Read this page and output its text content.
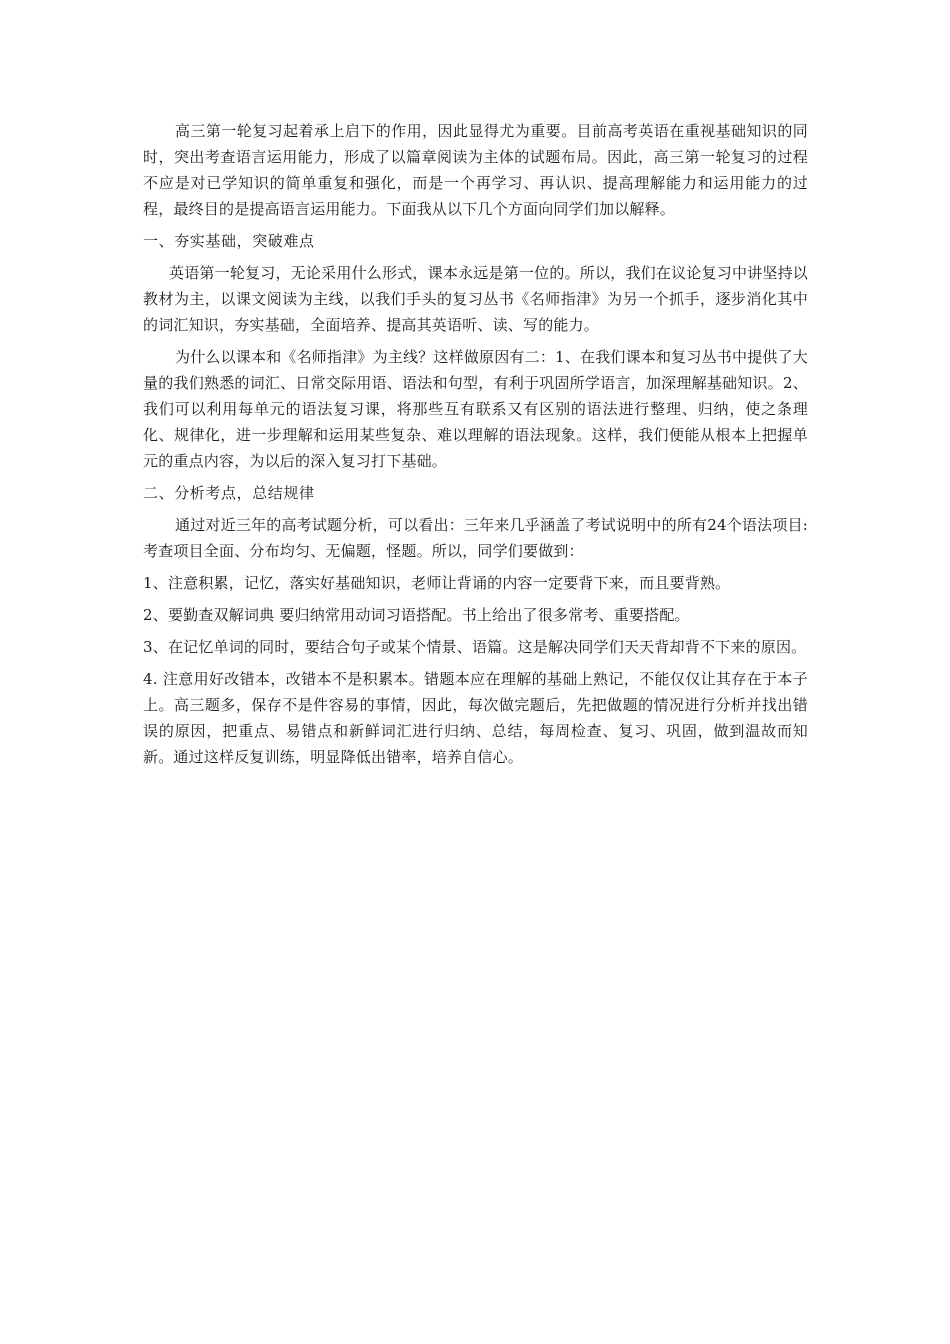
高三第一轮复习起着承上启下的作用，因此显得尤为重要。目前高考英语在重视基础知识的同时，突出考查语言运用能力，形成了以篇章阅读为主体的试题布局。因此，高三第一轮复习的过程不应是对已学知识的简单重复和强化，而是一个再学习、再认识、提高理解能力和运用能力的过程，最终目的是提高语言运用能力。下面我从以下几个方面向同学们加以解释。

一、夯实基础，突破难点

英语第一轮复习，无论采用什么形式，课本永远是第一位的。所以，我们在议论复习中讲坚持以教材为主，以课文阅读为主线，以我们手头的复习丛书《名师指津》为另一个抓手，逐步消化其中的词汇知识，夯实基础，全面培养、提高其英语听、读、写的能力。

为什么以课本和《名师指津》为主线？这样做原因有二：1、在我们课本和复习丛书中提供了大量的我们熟悉的词汇、日常交际用语、语法和句型，有利于巩固所学语言，加深理解基础知识。2、我们可以利用每单元的语法复习课，将那些互有联系又有区别的语法进行整理、归纳，使之条理化、规律化，进一步理解和运用某些复杂、难以理解的语法现象。这样，我们便能从根本上把握单元的重点内容，为以后的深入复习打下基础。

二、分析考点，总结规律

通过对近三年的高考试题分析，可以看出：三年来几乎涵盖了考试说明中的所有24个语法项目:考查项目全面、分布均匀、无偏题，怪题。所以，同学们要做到：

1、注意积累，记忆，落实好基础知识，老师让背诵的内容一定要背下来，而且要背熟。

2、要勤查双解词典 要归纳常用动词习语搭配。书上给出了很多常考、重要搭配。

3、在记忆单词的同时，要结合句子或某个情景、语篇。这是解决同学们天天背却背不下来的原因。

4. 注意用好改错本，改错本不是积累本。错题本应在理解的基础上熟记，不能仅仅让其存在于本子上。高三题多，保存不是件容易的事情，因此，每次做完题后，先把做题的情况进行分析并找出错误的原因，把重点、易错点和新鲜词汇进行归纳、总结，每周检查、复习、巩固，做到温故而知新。通过这样反复训练，明显降低出错率，培养自信心。
